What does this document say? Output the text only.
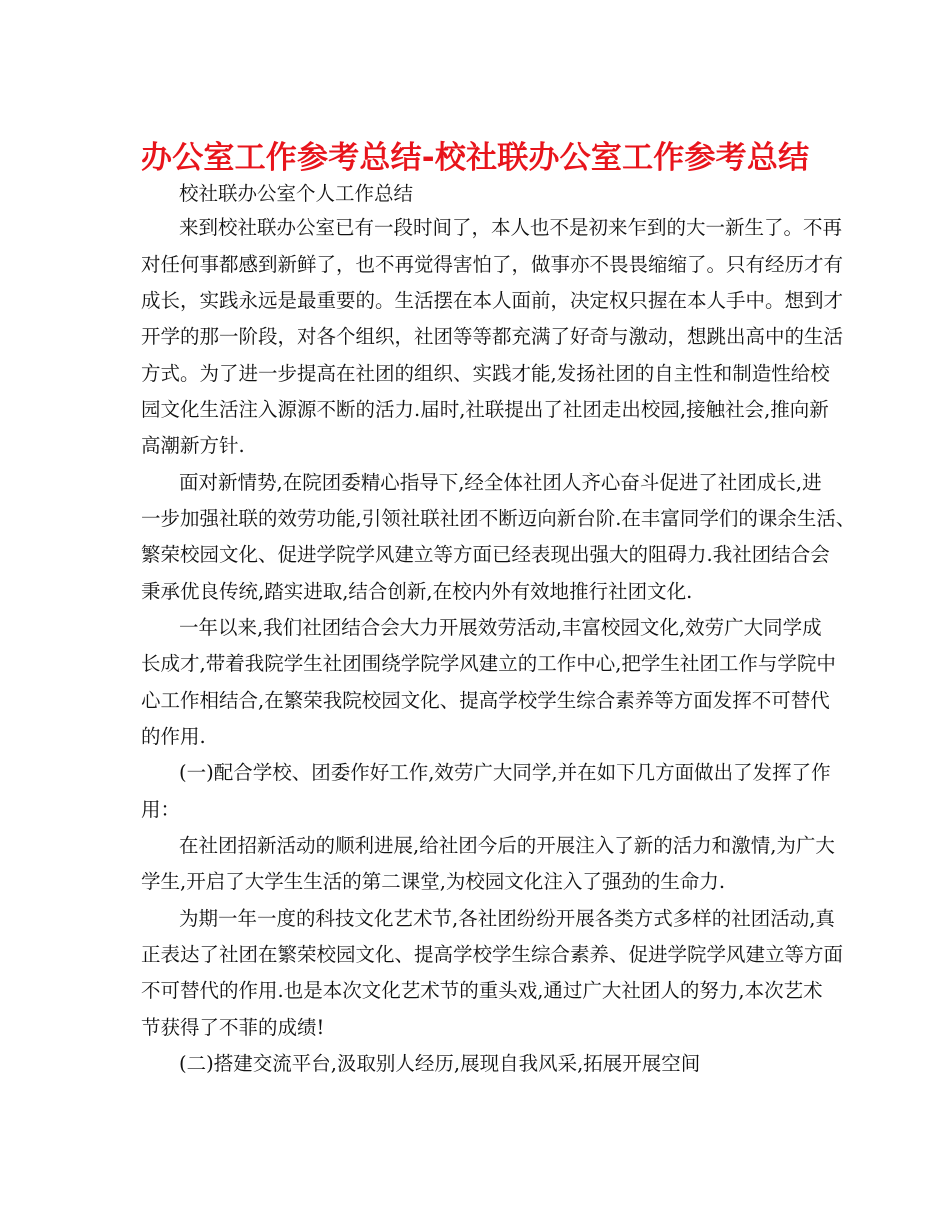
办公室工作参考总结-校社联办公室工作参考总结
校社联办公室个人工作总结
来到校社联办公室已有一段时间了，本人也不是初来乍到的大一新生了。不再
对任何事都感到新鲜了，也不再觉得害怕了，做事亦不畏畏缩缩了。只有经历才有
成长，实践永远是最重要的。生活摆在本人面前，决定权只握在本人手中。想到才
开学的那一阶段，对各个组织，社团等等都充满了好奇与激动，想跳出高中的生活
方式。为了进一步提高在社团的组织、实践才能,发扬社团的自主性和制造性给校
园文化生活注入源源不断的活力.届时,社联提出了社团走出校园,接触社会,推向新
高潮新方针.
面对新情势,在院团委精心指导下,经全体社团人齐心奋斗促进了社团成长,进
一步加强社联的效劳功能,引领社联社团不断迈向新台阶.在丰富同学们的课余生活、
繁荣校园文化、促进学院学风建立等方面已经表现出强大的阻碍力.我社团结合会
秉承优良传统,踏实进取,结合创新,在校内外有效地推行社团文化.
一年以来,我们社团结合会大力开展效劳活动,丰富校园文化,效劳广大同学成
长成才,带着我院学生社团围绕学院学风建立的工作中心,把学生社团工作与学院中
心工作相结合,在繁荣我院校园文化、提高学校学生综合素养等方面发挥不可替代
的作用.
(一)配合学校、团委作好工作,效劳广大同学,并在如下几方面做出了发挥了作
用：
在社团招新活动的顺利进展,给社团今后的开展注入了新的活力和激情,为广大
学生,开启了大学生生活的第二课堂,为校园文化注入了强劲的生命力.
为期一年一度的科技文化艺术节,各社团纷纷开展各类方式多样的社团活动,真
正表达了社团在繁荣校园文化、提高学校学生综合素养、促进学院学风建立等方面
不可替代的作用.也是本次文化艺术节的重头戏,通过广大社团人的努力,本次艺术
节获得了不菲的成绩!
(二)搭建交流平台,汲取别人经历,展现自我风采,拓展开展空间
